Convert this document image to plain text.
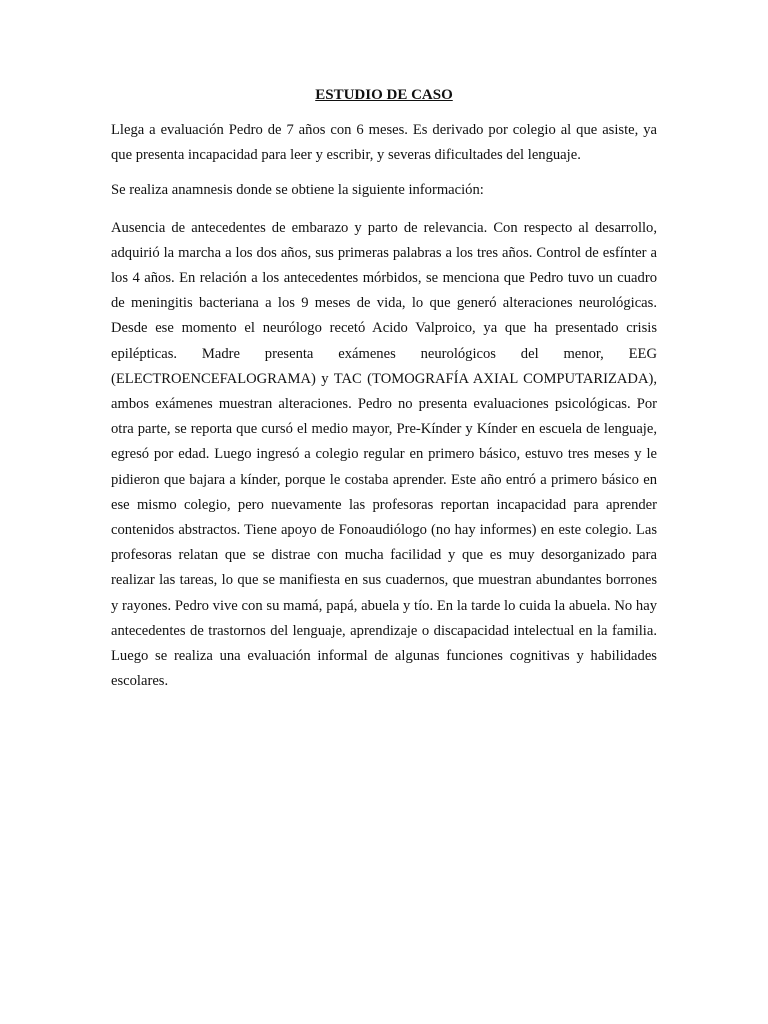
ESTUDIO DE CASO

Llega a evaluación Pedro de 7 años con 6 meses. Es derivado por colegio al que asiste, ya que presenta incapacidad para leer y escribir, y severas dificultades del lenguaje.

Se realiza anamnesis donde se obtiene la siguiente información:

Ausencia de antecedentes de embarazo y parto de relevancia. Con respecto al desarrollo, adquirió la marcha a los dos años, sus primeras palabras a los tres años. Control de esfínter a los 4 años. En relación a los antecedentes mórbidos, se menciona que Pedro tuvo un cuadro de meningitis bacteriana a los 9 meses de vida, lo que generó alteraciones neurológicas. Desde ese momento el neurólogo recetó Acido Valproico, ya que ha presentado crisis epilépticas. Madre presenta exámenes neurológicos del menor, EEG (ELECTROENCEFALOGRAMA) y TAC (TOMOGRAFÍA AXIAL COMPUTARIZADA), ambos exámenes muestran alteraciones. Pedro no presenta evaluaciones psicológicas. Por otra parte, se reporta que cursó el medio mayor, Pre-Kínder y Kínder en escuela de lenguaje, egresó por edad. Luego ingresó a colegio regular en primero básico, estuvo tres meses y le pidieron que bajara a kínder, porque le costaba aprender. Este año entró a primero básico en ese mismo colegio, pero nuevamente las profesoras reportan incapacidad para aprender contenidos abstractos. Tiene apoyo de Fonoaudiólogo (no hay informes) en este colegio. Las profesoras relatan que se distrae con mucha facilidad y que es muy desorganizado para realizar las tareas, lo que se manifiesta en sus cuadernos, que muestran abundantes borrones y rayones. Pedro vive con su mamá, papá, abuela y tío. En la tarde lo cuida la abuela. No hay antecedentes de trastornos del lenguaje, aprendizaje o discapacidad intelectual en la familia. Luego se realiza una evaluación informal de algunas funciones cognitivas y habilidades escolares.
